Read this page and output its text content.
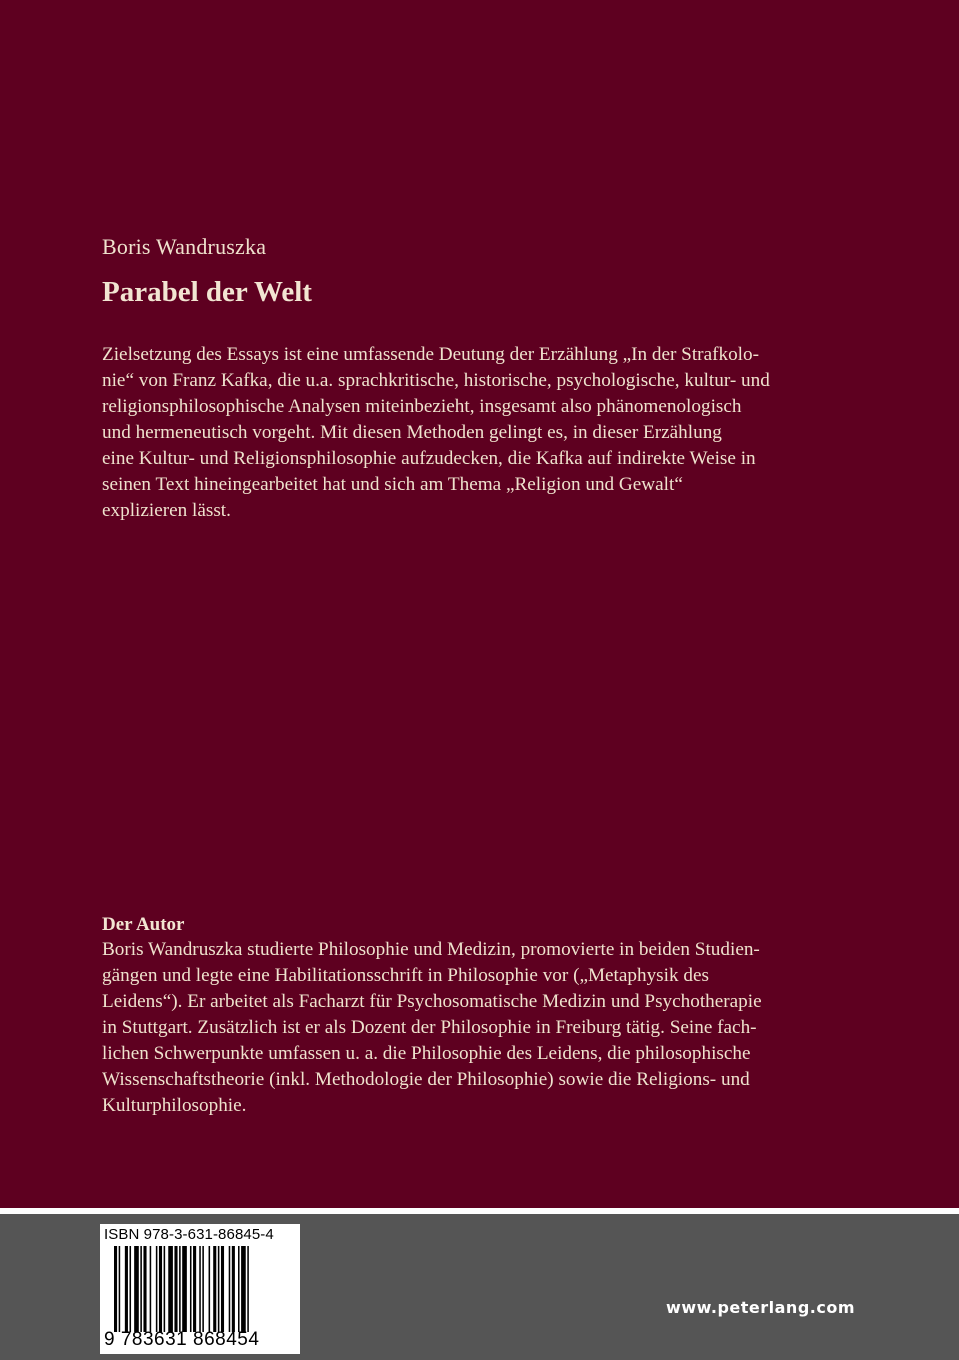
Boris Wandruszka
Parabel der Welt
Zielsetzung des Essays ist eine umfassende Deutung der Erzählung „In der Strafkolo-
nie“ von Franz Kafka, die u.a. sprachkritische, historische, psychologische, kultur- und
religionsphilosophische Analysen miteinbezieht, insgesamt also phänomenologisch
und hermeneutisch vorgeht. Mit diesen Methoden gelingt es, in dieser Erzählung
eine Kultur- und Religionsphilosophie aufzudecken, die Kafka auf indirekte Weise in
seinen Text hineingearbeitet hat und sich am Thema „Religion und Gewalt“
explizieren lässt.
Der Autor
Boris Wandruszka studierte Philosophie und Medizin, promovierte in beiden Studien-
gängen und legte eine Habilitationsschrift in Philosophie vor („Metaphysik des
Leidens“). Er arbeitet als Facharzt für Psychosomatische Medizin und Psychotherapie
in Stuttgart. Zusätzlich ist er als Dozent der Philosophie in Freiburg tätig. Seine fach-
lichen Schwerpunkte umfassen u. a. die Philosophie des Leidens, die philosophische
Wissenschaftstheorie (inkl. Methodologie der Philosophie) sowie die Religions- und
Kulturphilosophie.
ISBN 978-3-631-86845-4
9 783631 868454
www.peterlang.com
